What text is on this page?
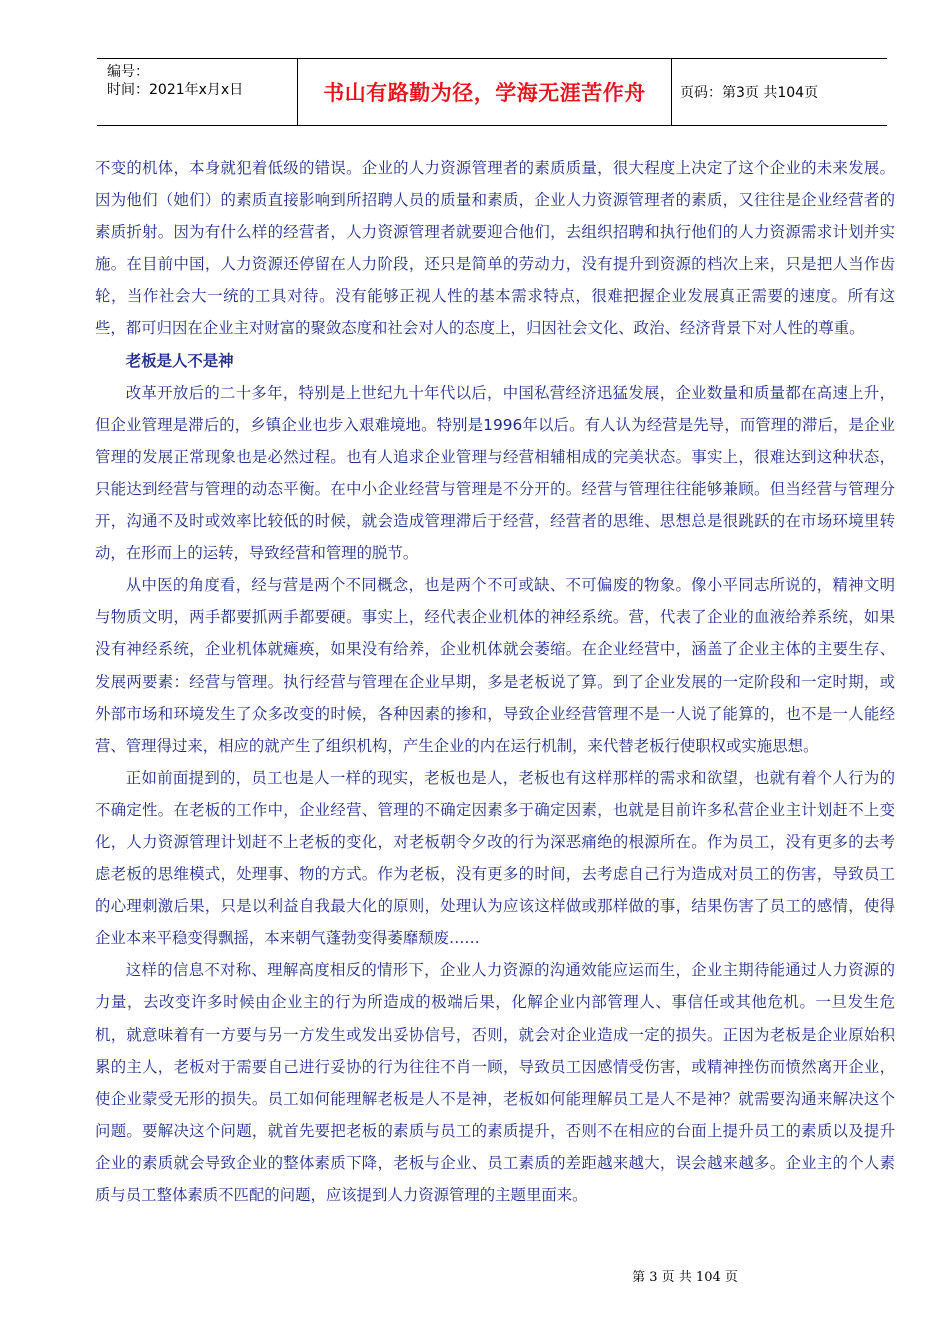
编号：
时间：2021年x月x日	书山有路勤为径，学海无涯苦作舟	页码：第3页 共104页

不变的机体，本身就犯着低级的错误。企业的人力资源管理者的素质质量，很大程度上决定了这个企业的未来发展。因为他们（她们）的素质直接影响到所招聘人员的质量和素质，企业人力资源管理者的素质，又往往是企业经营者的素质折射。因为有什么样的经营者，人力资源管理者就要迎合他们，去组织招聘和执行他们的人力资源需求计划并实施。在目前中国，人力资源还停留在人力阶段，还只是简单的劳动力，没有提升到资源的档次上来，只是把人当作齿轮，当作社会大一统的工具对待。没有能够正视人性的基本需求特点，很难把握企业发展真正需要的速度。所有这些，都可归因在企业主对财富的聚敛态度和社会对人的态度上，归因社会文化、政治、经济背景下对人性的尊重。

老板是人不是神

改革开放后的二十多年，特别是上世纪九十年代以后，中国私营经济迅猛发展，企业数量和质量都在高速上升，但企业管理是滞后的，乡镇企业也步入艰难境地。特别是1996年以后。有人认为经营是先导，而管理的滞后，是企业管理的发展正常现象也是必然过程。也有人追求企业管理与经营相辅相成的完美状态。事实上，很难达到这种状态，只能达到经营与管理的动态平衡。在中小企业经营与管理是不分开的。经营与管理往往能够兼顾。但当经营与管理分开，沟通不及时或效率比较低的时候，就会造成管理滞后于经营，经营者的思维、思想总是很跳跃的在市场环境里转动，在形而上的运转，导致经营和管理的脱节。

从中医的角度看，经与营是两个不同概念，也是两个不可或缺、不可偏废的物象。像小平同志所说的，精神文明与物质文明，两手都要抓两手都要硬。事实上，经代表企业机体的神经系统。营，代表了企业的血液给养系统，如果没有神经系统，企业机体就瘫痪，如果没有给养，企业机体就会萎缩。在企业经营中，涵盖了企业主体的主要生存、发展两要素：经营与管理。执行经营与管理在企业早期，多是老板说了算。到了企业发展的一定阶段和一定时期，或外部市场和环境发生了众多改变的时候，各种因素的掺和，导致企业经营管理不是一人说了能算的，也不是一人能经营、管理得过来，相应的就产生了组织机构，产生企业的内在运行机制，来代替老板行使职权或实施思想。

正如前面提到的，员工也是人一样的现实，老板也是人，老板也有这样那样的需求和欲望，也就有着个人行为的不确定性。在老板的工作中，企业经营、管理的不确定因素多于确定因素，也就是目前许多私营企业主计划赶不上变化，人力资源管理计划赶不上老板的变化，对老板朝令夕改的行为深恶痛绝的根源所在。作为员工，没有更多的去考虑老板的思维模式，处理事、物的方式。作为老板，没有更多的时间，去考虑自己行为造成对员工的伤害，导致员工的心理刺激后果，只是以利益自我最大化的原则，处理认为应该这样做或那样做的事，结果伤害了员工的感情，使得企业本来平稳变得飘摇，本来朝气蓬勃变得萎靡颓废……

这样的信息不对称、理解高度相反的情形下，企业人力资源的沟通效能应运而生，企业主期待能通过人力资源的力量，去改变许多时候由企业主的行为所造成的极端后果，化解企业内部管理人、事信任或其他危机。一旦发生危机，就意味着有一方要与另一方发生或发出妥协信号，否则，就会对企业造成一定的损失。正因为老板是企业原始积累的主人，老板对于需要自己进行妥协的行为往往不肖一顾，导致员工因感情受伤害，或精神挫伤而愤然离开企业，使企业蒙受无形的损失。员工如何能理解老板是人不是神，老板如何能理解员工是人不是神？就需要沟通来解决这个问题。要解决这个问题，就首先要把老板的素质与员工的素质提升，否则不在相应的台面上提升员工的素质以及提升企业的素质就会导致企业的整体素质下降，老板与企业、员工素质的差距越来越大，误会越来越多。企业主的个人素质与员工整体素质不匹配的问题，应该提到人力资源管理的主题里面来。

第 3 页 共 104 页
